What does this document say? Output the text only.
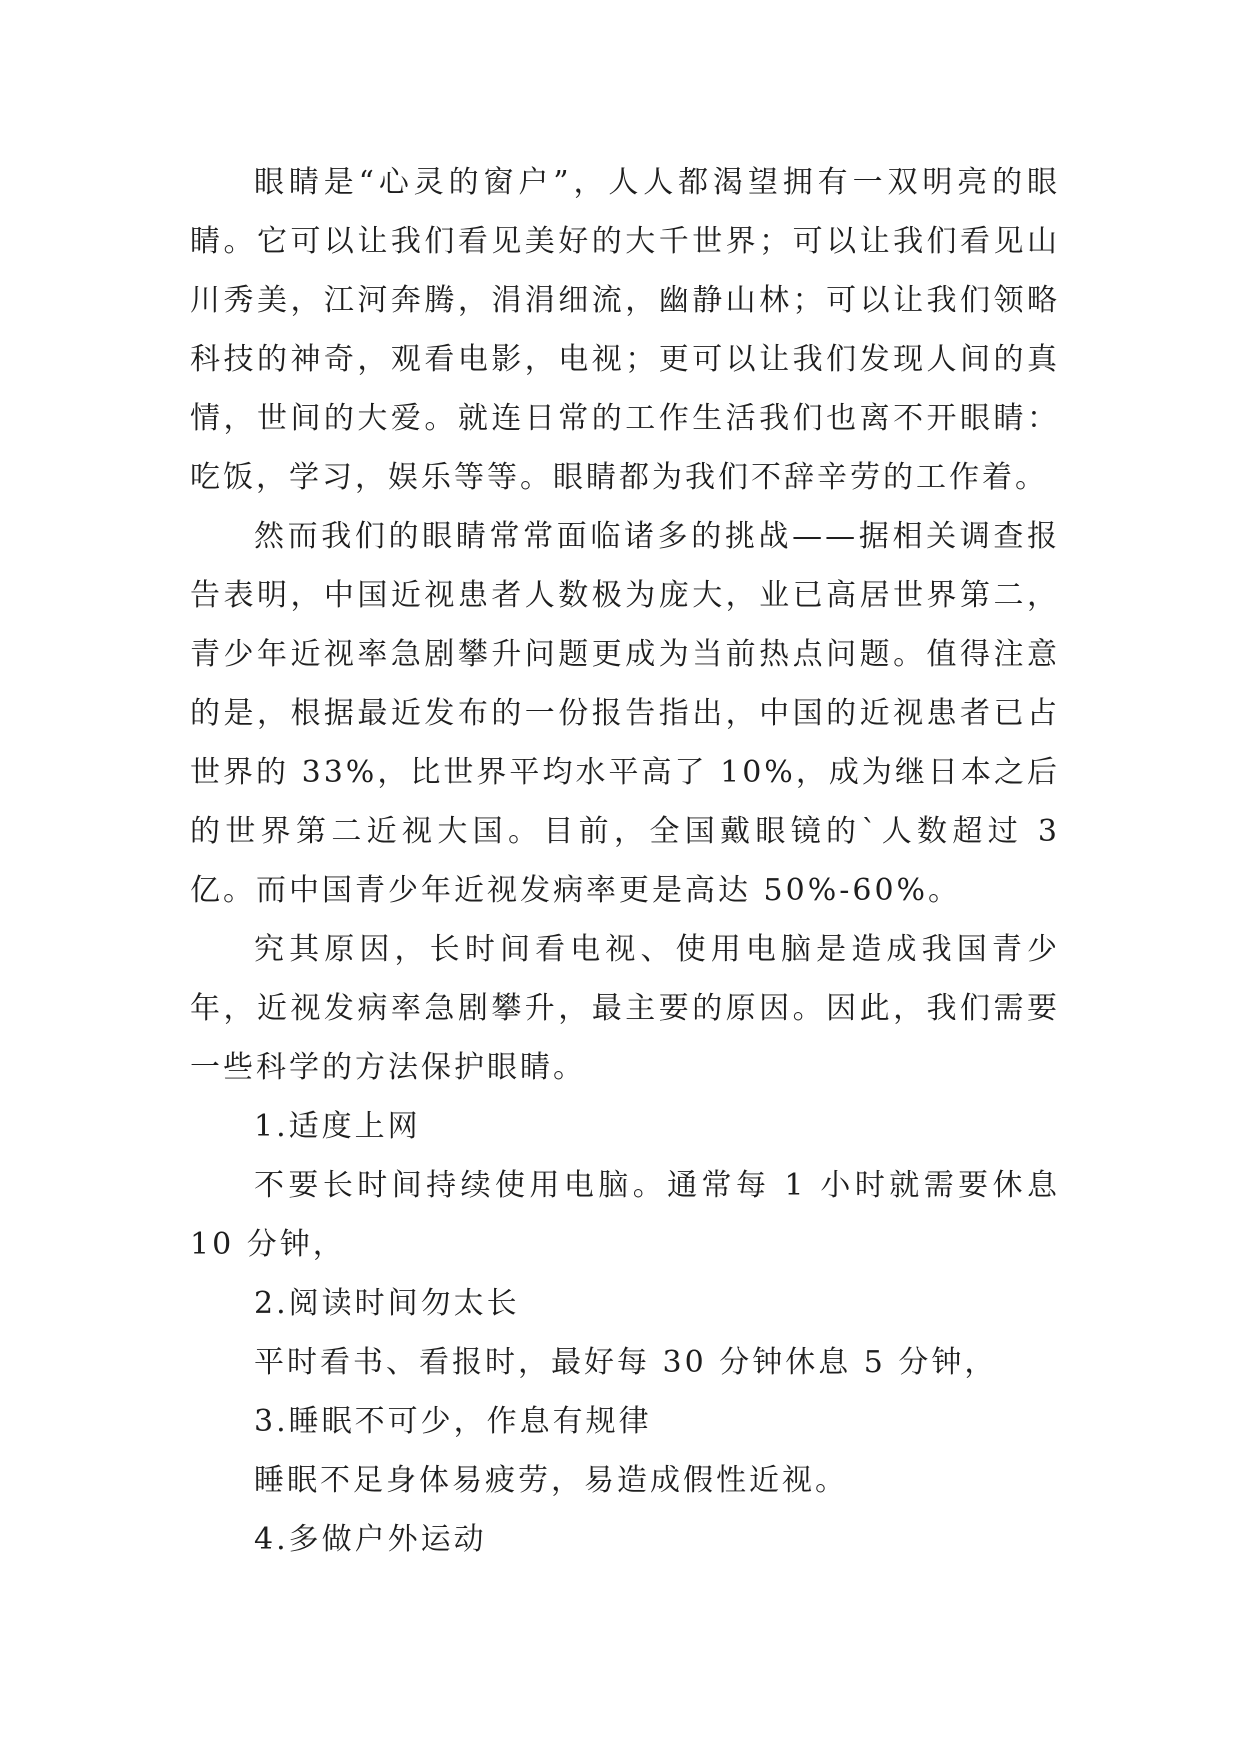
眼睛是“心灵的窗户”，人人都渴望拥有一双明亮的眼睛。它可以让我们看见美好的大千世界；可以让我们看见山川秀美，江河奔腾，涓涓细流，幽静山林；可以让我们领略科技的神奇，观看电影，电视；更可以让我们发现人间的真情，世间的大爱。就连日常的工作生活我们也离不开眼睛：吃饭，学习，娱乐等等。眼睛都为我们不辞辛劳的工作着。

然而我们的眼睛常常面临诸多的挑战——据相关调查报告表明，中国近视患者人数极为庞大，业已高居世界第二，青少年近视率急剧攀升问题更成为当前热点问题。值得注意的是，根据最近发布的一份报告指出，中国的近视患者已占世界的 33%，比世界平均水平高了 10%，成为继日本之后的世界第二近视大国。目前，全国戴眼镜的`人数超过 3 亿。而中国青少年近视发病率更是高达 50%-60%。

究其原因，长时间看电视、使用电脑是造成我国青少年，近视发病率急剧攀升，最主要的原因。因此，我们需要一些科学的方法保护眼睛。

1.适度上网

不要长时间持续使用电脑。通常每 1 小时就需要休息 10 分钟，

2.阅读时间勿太长

平时看书、看报时，最好每 30 分钟休息 5 分钟，

3.睡眠不可少，作息有规律

睡眠不足身体易疲劳，易造成假性近视。

4.多做户外运动
